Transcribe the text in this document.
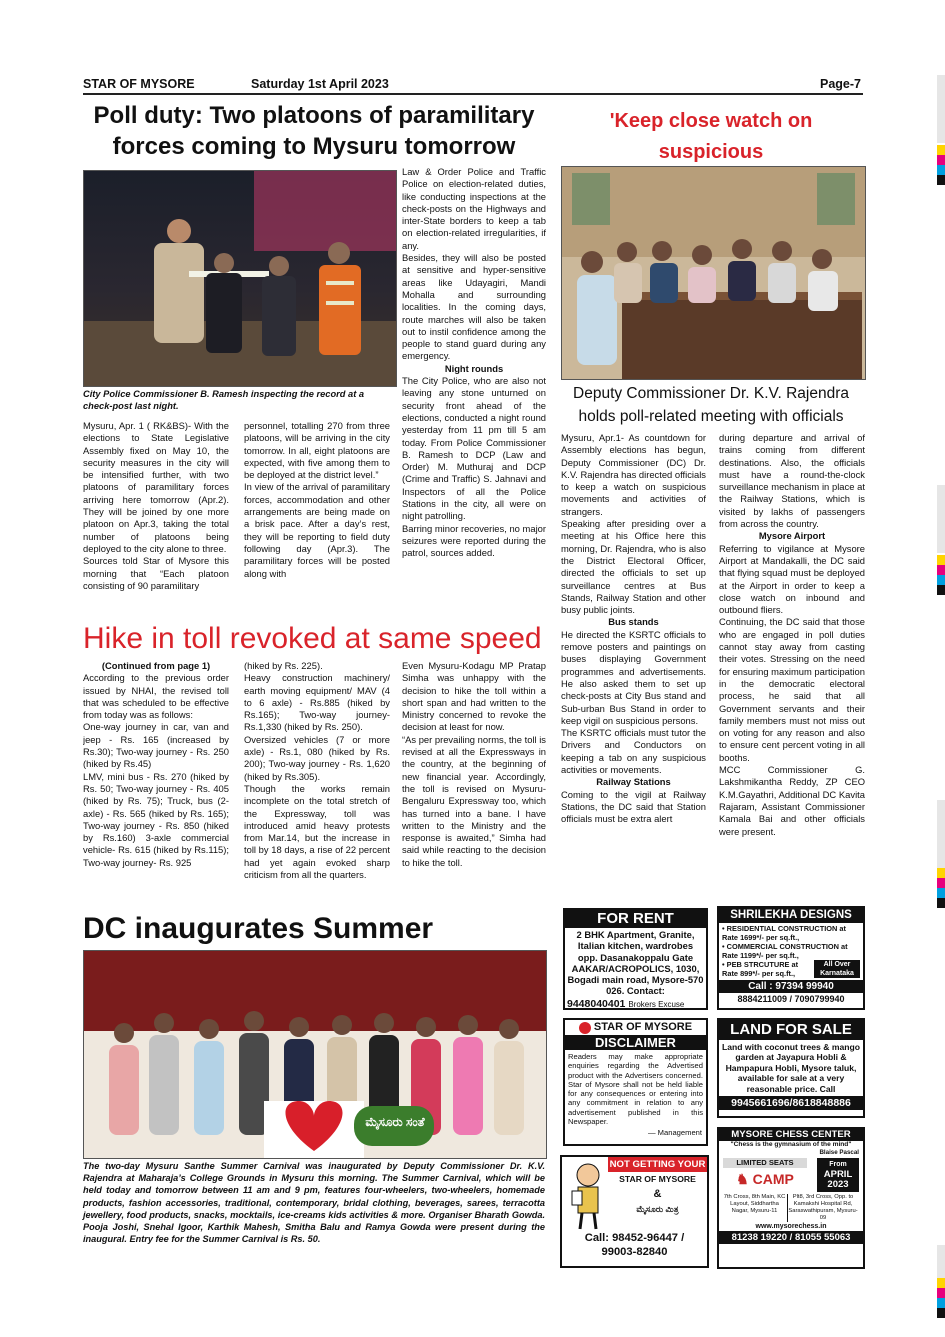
STAR OF MYSORE	Saturday 1st April 2023	Page-7
Poll duty: Two platoons of paramilitary
forces coming to Mysuru tomorrow
City Police Commissioner B. Ramesh inspecting the record at a
check-post last night.
Mysuru, Apr. 1 ( RK&BS)- With the elections to State Legislative Assembly fixed on May 10, the security measures in the city will be intensified further, with two platoons of paramilitary forces arriving here tomorrow (Apr.2). They will be joined by one more platoon on Apr.3, taking the total number of platoons being deployed to the city alone to three.
Sources told Star of Mysore this morning that “Each platoon consisting of 90 paramilitary
personnel, totalling 270 from three platoons, will be arriving in the city tomorrow. In all, eight platoons are expected, with five among them to be deployed at the district level.”
In view of the arrival of paramilitary forces, accommodation and other arrangements are being made on a brisk pace. After a day’s rest, they will be reporting to field duty following day (Apr.3). The paramilitary forces will be posted along with
Law & Order Police and Traffic Police on election-related duties, like conducting inspections at the check-posts on the Highways and inter-State borders to keep a tab on election-related irregularities, if any.
Besides, they will also be posted at sensitive and hyper-sensitive areas like Udayagiri, Mandi Mohalla and surrounding localities. In the coming days, route marches will also be taken out to instil confidence among the people to stand guard during any emergency.
Night rounds
The City Police, who are also not leaving any stone unturned on security front ahead of the elections, conducted a night round yesterday from 11 pm till 5 am today. From Police Commissioner B. Ramesh to DCP (Law and Order) M. Muthuraj and DCP (Crime and Traffic) S. Jahnavi and Inspectors of all the Police Stations in the city, all were on night patrolling.
Barring minor recoveries, no major seizures were reported during the patrol, sources added.
Hike in toll revoked at same speed
(Continued from page 1)
According to the previous order issued by NHAI, the revised toll that was scheduled to be effective from today was as follows:
One-way journey in car, van and jeep - Rs. 165 (increased by Rs.30); Two-way journey - Rs. 250 (hiked by Rs.45)
LMV, mini bus - Rs. 270 (hiked by Rs. 50; Two-way journey - Rs. 405 (hiked by Rs. 75); Truck, bus (2-axle) - Rs. 565 (hiked by Rs. 165); Two-way journey - Rs. 850 (hiked by Rs.160) 3-axle commercial vehicle- Rs. 615 (hiked by Rs.115); Two-way journey- Rs. 925
(hiked by Rs. 225).
Heavy construction machinery/ earth moving equipment/ MAV (4 to 6 axle) - Rs.885 (hiked by Rs.165); Two-way journey-Rs.1,330 (hiked by Rs. 250).
Oversized vehicles (7 or more axle) - Rs.1, 080 (hiked by Rs. 200); Two-way journey - Rs. 1,620 (hiked by Rs.305).
Though the works remain incomplete on the total stretch of the Expressway, toll was introduced amid heavy protests from Mar.14, but the increase in toll by 18 days, a rise of 22 percent had yet again evoked sharp criticism from all the quarters.
Even Mysuru-Kodagu MP Pratap Simha was unhappy with the decision to hike the toll within a short span and had written to the Ministry concerned to revoke the decision at least for now.
“As per prevailing norms, the toll is revised at all the Expressways in the country, at the beginning of new financial year. Accordingly, the toll is revised on Mysuru- Bengaluru Expressway too, which has turned into a bane. I have written to the Ministry and the response is awaited,” Simha had said while reacting to the decision to hike the toll.
DC inaugurates Summer
ಮೈಸೂರು ಸಂತೆ
The two-day Mysuru Santhe Summer Carnival was inaugurated by Deputy Commissioner Dr. K.V. Rajendra at Maharaja’s College Grounds in Mysuru this morning. The Summer Carnival, which will be held today and tomorrow between 11 am and 9 pm, features four-wheelers, two-wheelers, homemade products, fashion accessories, traditional, contemporary, bridal clothing, beverages, sarees, terracotta jewellery, food products, snacks, mocktails, ice-creams kids activities & more. Organiser Bharath Gowda. Pooja Joshi, Snehal Igoor, Karthik Mahesh, Smitha Balu and Ramya Gowda were present during the inaugural. Entry fee for the Summer Carnival is Rs. 50.
'Keep close watch on suspicious
Deputy Commissioner Dr. K.V. Rajendra
holds poll-related meeting with officials
Mysuru, Apr.1- As countdown for Assembly elections has begun, Deputy Commissioner (DC) Dr. K.V. Rajendra has directed officials to keep a watch on suspicious movements and activities of strangers.
Speaking after presiding over a meeting at his Office here this morning, Dr. Rajendra, who is also the District Electoral Officer, directed the officials to set up surveillance centres at Bus Stands, Railway Station and other busy public joints.
Bus stands
He directed the KSRTC officials to remove posters and paintings on buses displaying Government programmes and advertisements. He also asked them to set up check-posts at City Bus stand and Sub-urban Bus Stand in order to keep vigil on suspicious persons.
The KSRTC officials must tutor the Drivers and Conductors on keeping a tab on any suspicious activities or movements.
Railway Stations
Coming to the vigil at Railway Stations, the DC said that Station officials must be extra alert
during departure and arrival of trains coming from different destinations. Also, the officials must have a round-the-clock surveillance mechanism in place at the Railway Stations, which is visited by lakhs of passengers from across the country.
Mysore Airport
Referring to vigilance at Mysore Airport at Mandakalli, the DC said that flying squad must be deployed at the Airport in order to keep a close watch on inbound and outbound fliers.
Continuing, the DC said that those who are engaged in poll duties cannot stay away from casting their votes. Stressing on the need for ensuring maximum participation in the democratic electoral process, he said that all Government servants and their family members must not miss out on voting for any reason and also to ensure cent percent voting in all booths.
MCC Commissioner G. Lakshmikantha Reddy, ZP CEO K.M.Gayathri, Additional DC Kavita Rajaram, Assistant Commissioner Kamala Bai and other officials were present.
FOR RENT
2 BHK Apartment, Granite, Italian kitchen, wardrobes opp. Dasanakoppalu Gate AAKAR/ACROPOLICS, 1030, Bogadi main road, Mysore-570 026. Contact:
9448040401 Brokers Excuse
SHRILEKHA DESIGNS
• RESIDENTIAL CONSTRUCTION at Rate 1699*/- per sq.ft.,
• COMMERCIAL CONSTRUCTION at Rate 1199*/- per sq.ft.,
• PEB STRCUTURE at Rate 899*/- per sq.ft.,
All Over Karnataka
Call : 97394 99940
8884211009 / 7090799940
STAR OF MYSORE
DISCLAIMER
Readers may make appropriate enquiries regarding the Advertised product with the Advertisers concerned. Star of Mysore shall not be held liable for any consequences or entering into any commitment in relation to any advertisement published in this Newspaper.
— Management
LAND FOR SALE
Land with coconut trees & mango garden at Jayapura Hobli & Hampapura Hobli, Mysore taluk, available for sale at a very reasonable price. Call
9945661696/8618848886
MYSORE CHESS CENTER
"Chess is the gymnasium of the mind"
Blaise Pascal
LIMITED SEATS
♞ CAMP
From
APRIL
2023
7th Cross, 8th Main, KC Layout, Siddhartha Nagar, Mysuru-11
Plt8, 3rd Cross, Opp. to Kamakshi Hospital Rd, Saraswathipuram, Mysuru-09
www.mysorechess.in
81238 19220 / 81055 55063
NOT GETTING YOUR
STAR OF MYSORE
&
ಮೈಸೂರು ಮಿತ್ರ
Call: 98452-96447 /
99003-82840
